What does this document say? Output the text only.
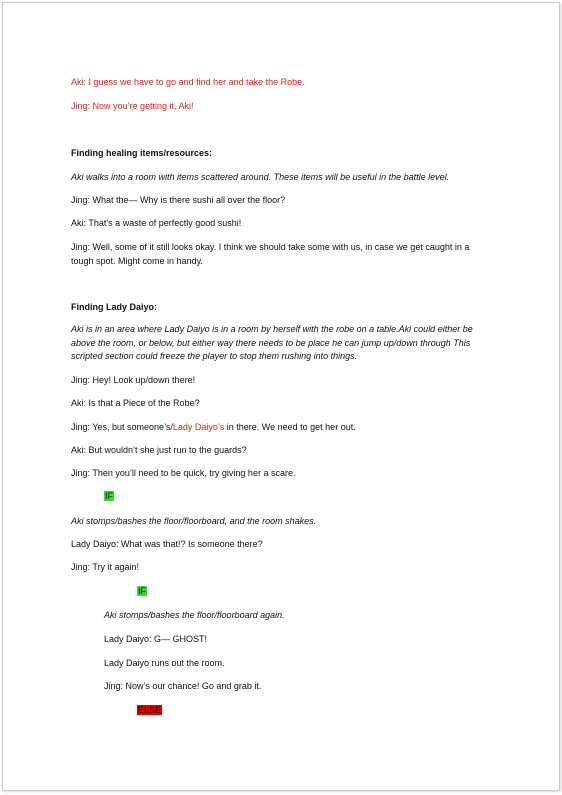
Aki: I guess we have to go and find her and take the Robe.

Jing: Now you’re getting it, Aki!

Finding healing items/resources:

Aki walks into a room with items scattered around. These items will be useful in the battle level.

Jing: What the— Why is there sushi all over the floor?

Aki: That’s a waste of perfectly good sushi!

Jing: Well, some of it still looks okay. I think we should take some with us, in case we get caught in a tough spot. Might come in handy.

Finding Lady Daiyo:

Aki is in an area where Lady Daiyo is in a room by herself with the robe on a table.Aki could either be above the room, or below, but either way there needs to be place he can jump up/down through This scripted section could freeze the player to stop them rushing into things.

Jing: Hey! Look up/down there!

Aki: Is that a Piece of the Robe?

Jing: Yes, but someone’s/Lady Daiyo’s in there. We need to get her out.

Aki: But wouldn’t she just run to the guards?

Jing: Then you’ll need to be quick, try giving her a scare.

IF

Aki stomps/bashes the floor/floorboard, and the room shakes.

Lady Daiyo: What was that!? Is someone there?

Jing: Try it again!

IF

Aki stomps/bashes the floor/floorboard again.

Lady Daiyo: G— GHOST!

Lady Daiyo runs out the room.

Jing: Now’s our chance! Go and grab it.

ELSE
